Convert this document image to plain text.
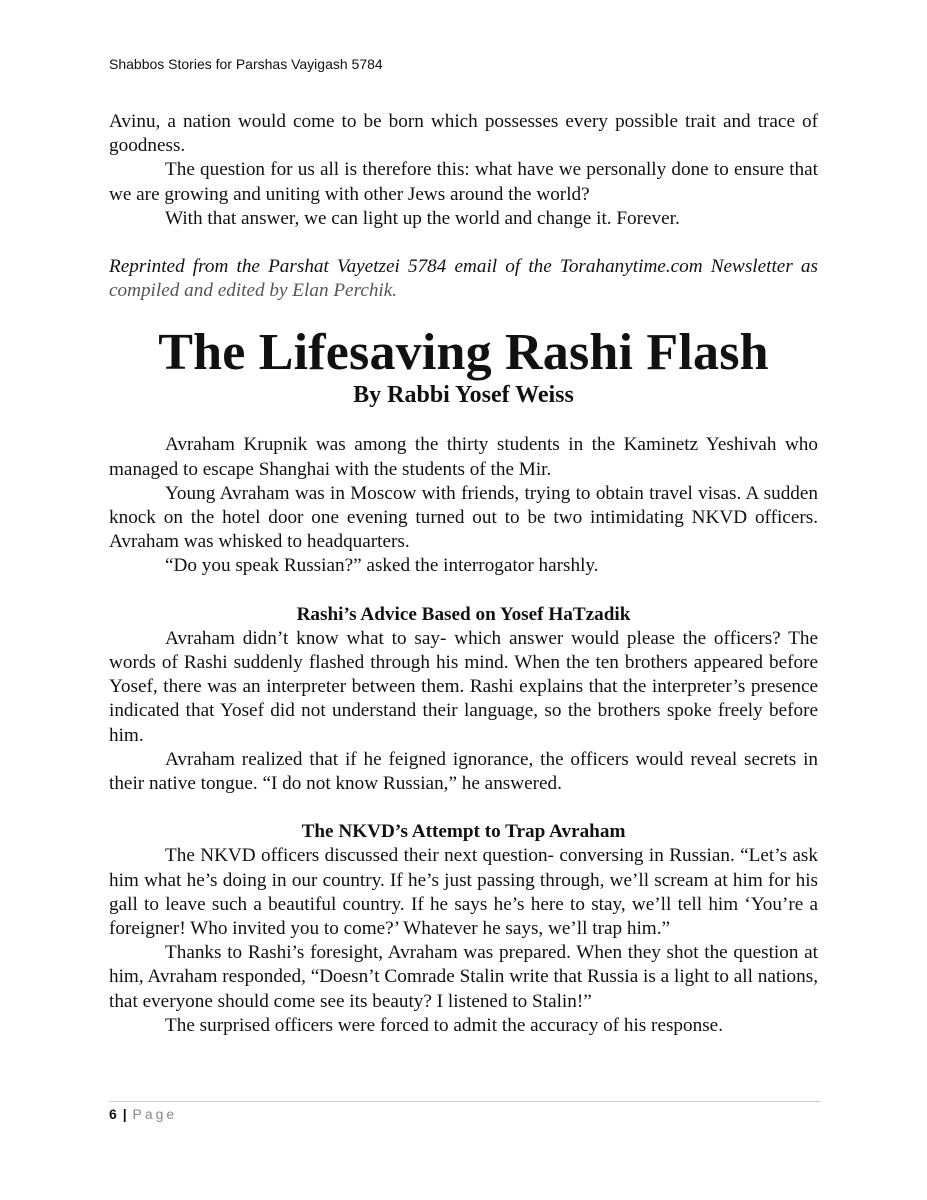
Shabbos Stories for Parshas Vayigash 5784

Avinu, a nation would come to be born which possesses every possible trait and trace of goodness.

The question for us all is therefore this: what have we personally done to ensure that we are growing and uniting with other Jews around the world?

With that answer, we can light up the world and change it. Forever.

Reprinted from the Parshat Vayetzei 5784 email of the Torahanytime.com Newsletter as compiled and edited by Elan Perchik.

The Lifesaving Rashi Flash

By Rabbi Yosef Weiss

Avraham Krupnik was among the thirty students in the Kaminetz Yeshivah who managed to escape Shanghai with the students of the Mir.

Young Avraham was in Moscow with friends, trying to obtain travel visas. A sudden knock on the hotel door one evening turned out to be two intimidating NKVD officers. Avraham was whisked to headquarters.

“Do you speak Russian?” asked the interrogator harshly.

Rashi’s Advice Based on Yosef HaTzadik

Avraham didn’t know what to say- which answer would please the officers? The words of Rashi suddenly flashed through his mind. When the ten brothers appeared before Yosef, there was an interpreter between them. Rashi explains that the interpreter’s presence indicated that Yosef did not understand their language, so the brothers spoke freely before him.

Avraham realized that if he feigned ignorance, the officers would reveal secrets in their native tongue. “I do not know Russian,” he answered.

The NKVD’s Attempt to Trap Avraham

The NKVD officers discussed their next question- conversing in Russian. “Let’s ask him what he’s doing in our country. If he’s just passing through, we’ll scream at him for his gall to leave such a beautiful country. If he says he’s here to stay, we’ll tell him ‘You’re a foreigner! Who invited you to come?’ Whatever he says, we’ll trap him.”

Thanks to Rashi’s foresight, Avraham was prepared. When they shot the question at him, Avraham responded, “Doesn’t Comrade Stalin write that Russia is a light to all nations, that everyone should come see its beauty? I listened to Stalin!”

The surprised officers were forced to admit the accuracy of his response.

6 | Page
